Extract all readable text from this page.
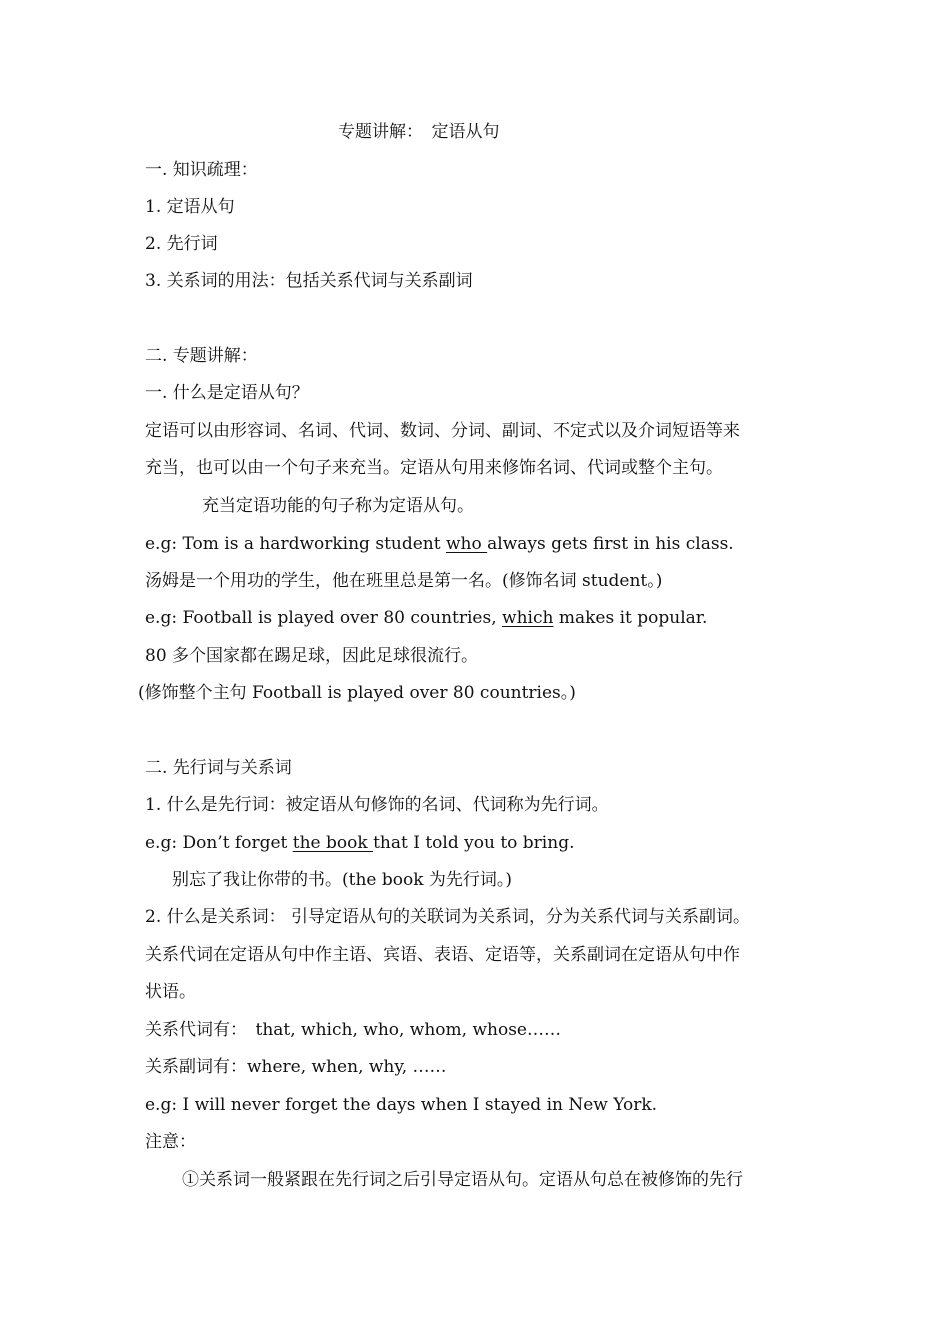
专题讲解：　定语从句
一. 知识疏理：
1. 定语从句
2. 先行词
3. 关系词的用法：包括关系代词与关系副词
二. 专题讲解：
一. 什么是定语从句？
定语可以由形容词、名词、代词、数词、分词、副词、不定式以及介词短语等来
充当，也可以由一个句子来充当。定语从句用来修饰名词、代词或整个主句。
充当定语功能的句子称为定语从句。
e.g: Tom is a hardworking student who always gets first in his class.
汤姆是一个用功的学生，他在班里总是第一名。(修饰名词 student。)
e.g: Football is played over 80 countries, which makes it popular.
80 多个国家都在踢足球，因此足球很流行。
(修饰整个主句 Football is played over 80 countries。)
二. 先行词与关系词
1. 什么是先行词：被定语从句修饰的名词、代词称为先行词。
e.g: Don’t forget the book that I told you to bring.
别忘了我让你带的书。(the book 为先行词。)
2. 什么是关系词： 引导定语从句的关联词为关系词，分为关系代词与关系副词。
关系代词在定语从句中作主语、宾语、表语、定语等，关系副词在定语从句中作
状语。
关系代词有：　that, which, who, whom, whose……
关系副词有：where, when, why, ……
e.g: I will never forget the days when I stayed in New York.
注意：
①关系词一般紧跟在先行词之后引导定语从句。定语从句总在被修饰的先行
